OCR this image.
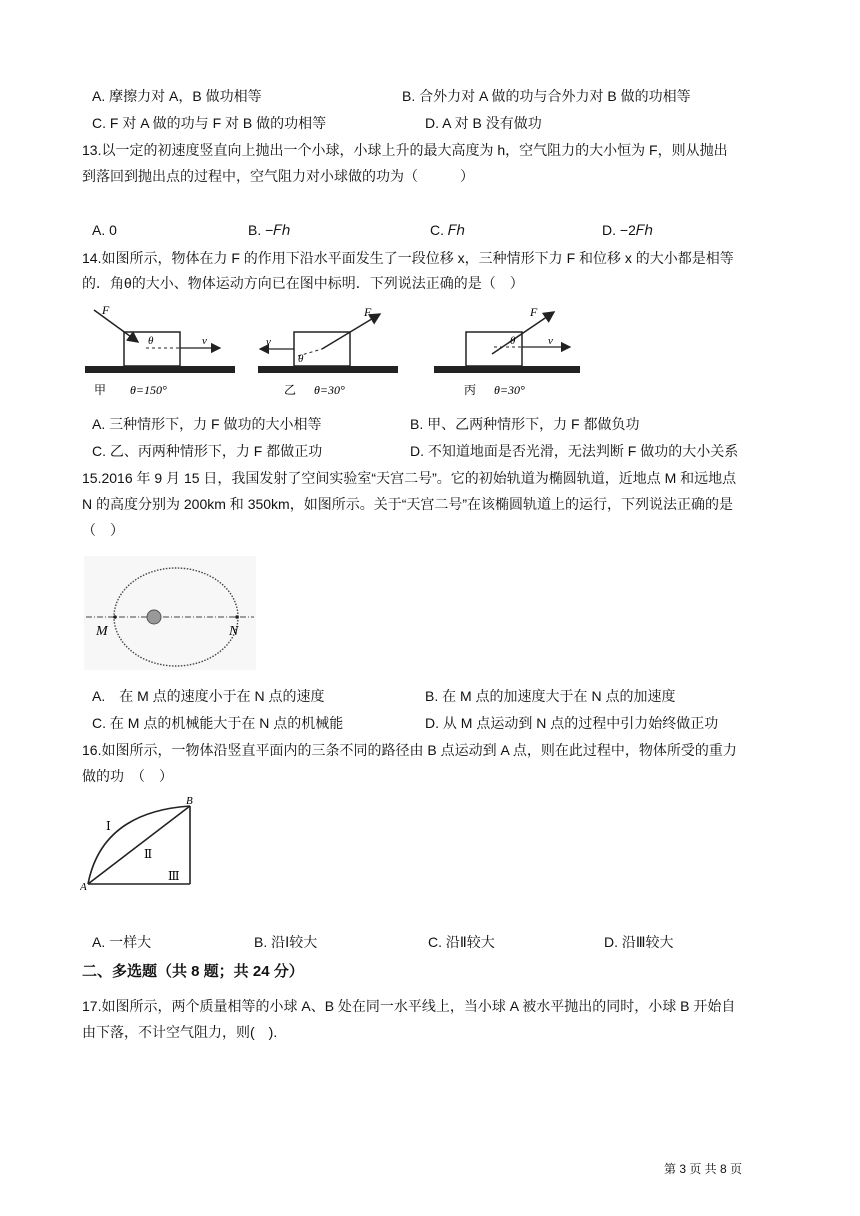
A. 摩擦力对 A，B 做功相等	B. 合外力对 A 做的功与合外力对 B 做的功相等
C. F 对 A 做的功与 F 对 B 做的功相等	D. A 对 B 没有做功
13.以一定的初速度竖直向上抛出一个小球，小球上升的最大高度为 h，空气阻力的大小恒为 F，则从抛出
到落回到抛出点的过程中，空气阻力对小球做的功为（　　　）
A. 0	B. −𝐹ℎ	C. 𝐹ℎ	D. −2𝐹ℎ
14.如图所示，物体在力 F 的作用下沿水平面发生了一段位移 x，三种情形下力 F 和位移 x 的大小都是相等
的．角θ的大小、物体运动方向已在图中标明．下列说法正确的是（　）
F
θ	v
甲 θ=150°
F
θ
v
乙 θ=30°
F
θ	v
丙 θ=30°
A. 三种情形下，力 F 做功的大小相等	B. 甲、乙两种情形下，力 F 都做负功
C. 乙、丙两种情形下，力 F 都做正功	D. 不知道地面是否光滑，无法判断 F 做功的大小关系
15.2016 年 9 月 15 日，我国发射了空间实验室“天宫二号”。它的初始轨道为椭圆轨道，近地点 M 和远地点
N 的高度分别为 200km 和 350km，如图所示。关于“天宫二号”在该椭圆轨道上的运行，下列说法正确的是
（　）
M	N
A.　在 M 点的速度小于在 N 点的速度	B. 在 M 点的加速度大于在 N 点的加速度
C. 在 M 点的机械能大于在 N 点的机械能	D. 从 M 点运动到 N 点的过程中引力始终做正功
16.如图所示，一物体沿竖直平面内的三条不同的路径由 B 点运动到 A 点，则在此过程中，物体所受的重力
做的功　（　）
A
B
Ⅰ
Ⅱ
Ⅲ
A. 一样大	B. 沿Ⅰ较大	C. 沿Ⅱ较大	D. 沿Ⅲ较大
二、多选题（共 8 题；共 24 分）
17.如图所示，两个质量相等的小球 A、B 处在同一水平线上，当小球 A 被水平抛出的同时，小球 B 开始自
由下落，不计空气阻力，则(　).
第 3 页 共 8 页
